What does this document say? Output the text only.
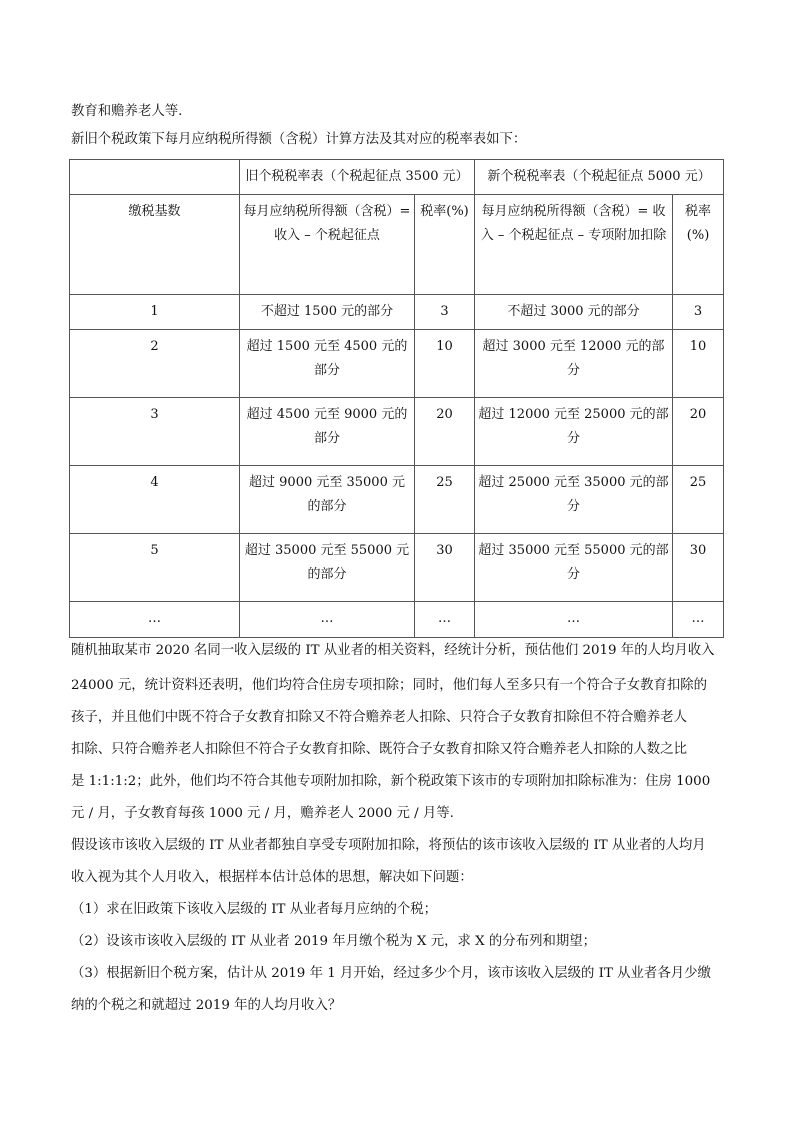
教育和赡养老人等.
新旧个税政策下每月应纳税所得额（含税）计算方法及其对应的税率表如下：
	旧个税税率表（个税起征点 3500 元）		新个税税率表（个税起征点 5000 元）	
缴税基数	每月应纳税所得额（含税）= 收入 – 个税起征点	税率(%)	每月应纳税所得额（含税）= 收入 – 个税起征点 – 专项附加扣除	税率(%)
1	不超过 1500 元的部分	3	不超过 3000 元的部分	3
2	超过 1500 元至 4500 元的部分	10	超过 3000 元至 12000 元的部分	10
3	超过 4500 元至 9000 元的部分	20	超过 12000 元至 25000 元的部分	20
4	超过 9000 元至 35000 元的部分	25	超过 25000 元至 35000 元的部分	25
5	超过 35000 元至 55000 元的部分	30	超过 35000 元至 55000 元的部分	30
…	…	…	…	…
随机抽取某市 2020 名同一收入层级的 IT 从业者的相关资料，经统计分析，预估他们 2019 年的人均月收入
24000 元，统计资料还表明，他们均符合住房专项扣除；同时，他们每人至多只有一个符合子女教育扣除的
孩子，并且他们中既不符合子女教育扣除又不符合赡养老人扣除、只符合子女教育扣除但不符合赡养老人
扣除、只符合赡养老人扣除但不符合子女教育扣除、既符合子女教育扣除又符合赡养老人扣除的人数之比
是 1:1:1:2；此外，他们均不符合其他专项附加扣除，新个税政策下该市的专项附加扣除标准为：住房 1000
元 / 月，子女教育每孩 1000 元 / 月，赡养老人 2000 元 / 月等.
假设该市该收入层级的 IT 从业者都独自享受专项附加扣除，将预估的该市该收入层级的 IT 从业者的人均月
收入视为其个人月收入，根据样本估计总体的思想，解决如下问题：
（1）求在旧政策下该收入层级的 IT 从业者每月应纳的个税；
（2）设该市该收入层级的 IT 从业者 2019 年月缴个税为 X 元，求 X 的分布列和期望；
（3）根据新旧个税方案，估计从 2019 年 1 月开始，经过多少个月，该市该收入层级的 IT 从业者各月少缴
纳的个税之和就超过 2019 年的人均月收入？
